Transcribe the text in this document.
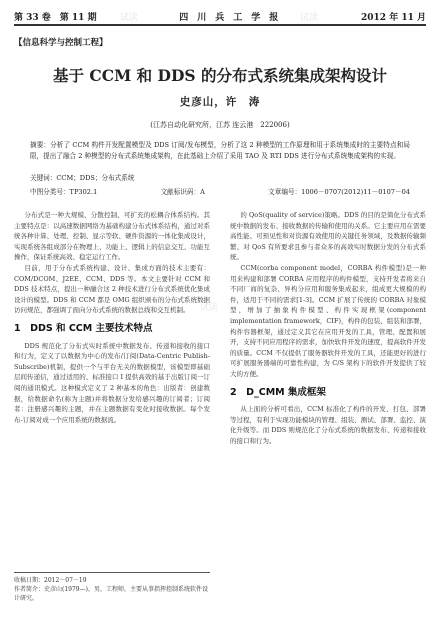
第 33 卷　第 11 期	四　川　兵　工　学　报	2012 年 11 月
【信息科学与控制工程】
基于 CCM 和 DDS 的分布式系统集成架构设计
史彦山，许　涛
(江苏自动化研究所，江苏 连云港　222006)
摘要：分析了 CCM 构件开发配置模型及 DDS 订阅/发布模型，分析了这 2 种模型的工作原理和用于系统集成时的主要特点和局限，提出了融合 2 种模型的分布式系统集成架构，在此基础上介绍了采用 TAO 及 RTI DDS 进行分布式系统集成架构的实现。
关键词：CCM；DDS；分布式系统
中图分类号：TP302.1	文献标识码：A	文章编号：1006－0707(2012)11－0107－04

分布式是一种大规模、分散控制、可扩充的松耦合体系结构。其主要特点是：以高速数据网络为基础构建分布式体系结构，通过对系统各种计算、处理、控制、显示等软、硬件资源的一体化集成设计，实现系统各组成部分在物理上、功能上、逻辑上的信息交互、功能互操作，保证系统高效、稳定运行工作。

目前，用于分布式系统构建、设计、集成方面的技术主要有：COM/DCOM、J2EE、CCM、DDS 等。本文主要针对 CCM 和 DDS 技术特点，提出一种融合这 2 种技术进行分布式系统优化集成设计的模型。DDS 和 CCM 都是 OMG 组织颁布的分布式系统数据访问规范，都强调了面向分布式系统的数据总线和交互机制。

1　DDS 和 CCM 主要技术特点

DDS 规范化了分布式实时系统中数据发布、传递和接收的接口和行为，定义了以数据为中心的发布/订阅(Data-Centric Publish-Subscribe)机制，提供一个与平台无关的数据模型，该模型即基础层间传递信，通过适用的、标准接口 I 提供高效的基于出版订阅一订阅的通讯模式。这种模式定义了 2 种基本的角色：出版者：创建数据，给数据命名(称为主题)并将数据分发给感兴趣的订阅者；订阅者：注册感兴趣的主题，并在主题数据有变化时接收数据。每个发布-订阅对成一个应用系统的数据流。

的 QoS(quality of service)策略。DDS 的目的是简化分布式系统中数据的发布、接收数据的传输和使用的关系。它主要应用在需要高性能、可预见性和对资源有效使用的关键任务领域，及数据传输频繁、对 QoS 有所要求且参与者众多的高效实时数据分发的分布式系统。

CCM(corba component model，CORBA 构件模型)是一种用来构建和部署 CORBA 应用程序的构件模型，支持开发者将来自不同厂商的复杂、异构分应用和服务集成起来，组成更大规模的构件，适用于不同的需求[1-3]。CCM 扩展了传统的 CORBA 对象模型，增加了抽象构件模型、构件实现框架(component implementation framework，CIF)，构件的包装、组装和部署，构件容器框架，通过定义其它在应用开发的工具，管理、配置和展开，支持不同应用程序的需求，加快软件开发的速度，提高软件开发的质量。CCM 不仅提供了服务器软件开发的工具，还能更好的进行可扩展服务器端的可靠性构建，为 C/S 架构下的软件开发提供了较大的方便。

2　D_CMM 集成框架

从上面的分析可看出，CCM 标准化了构件的开发、打包、部署等过程，有利于实现功能模块的管理、组装、测试、部署、监控、演化升级等。而 DDS 则规范化了分布式系统的数据发布、传递和接收的接口和行为。

收稿日期：2012－07－19
作者简介：史彦山(1979—)，男，工程师，主要从事指挥控制系统软件设计研究。
试读	试读
试读
